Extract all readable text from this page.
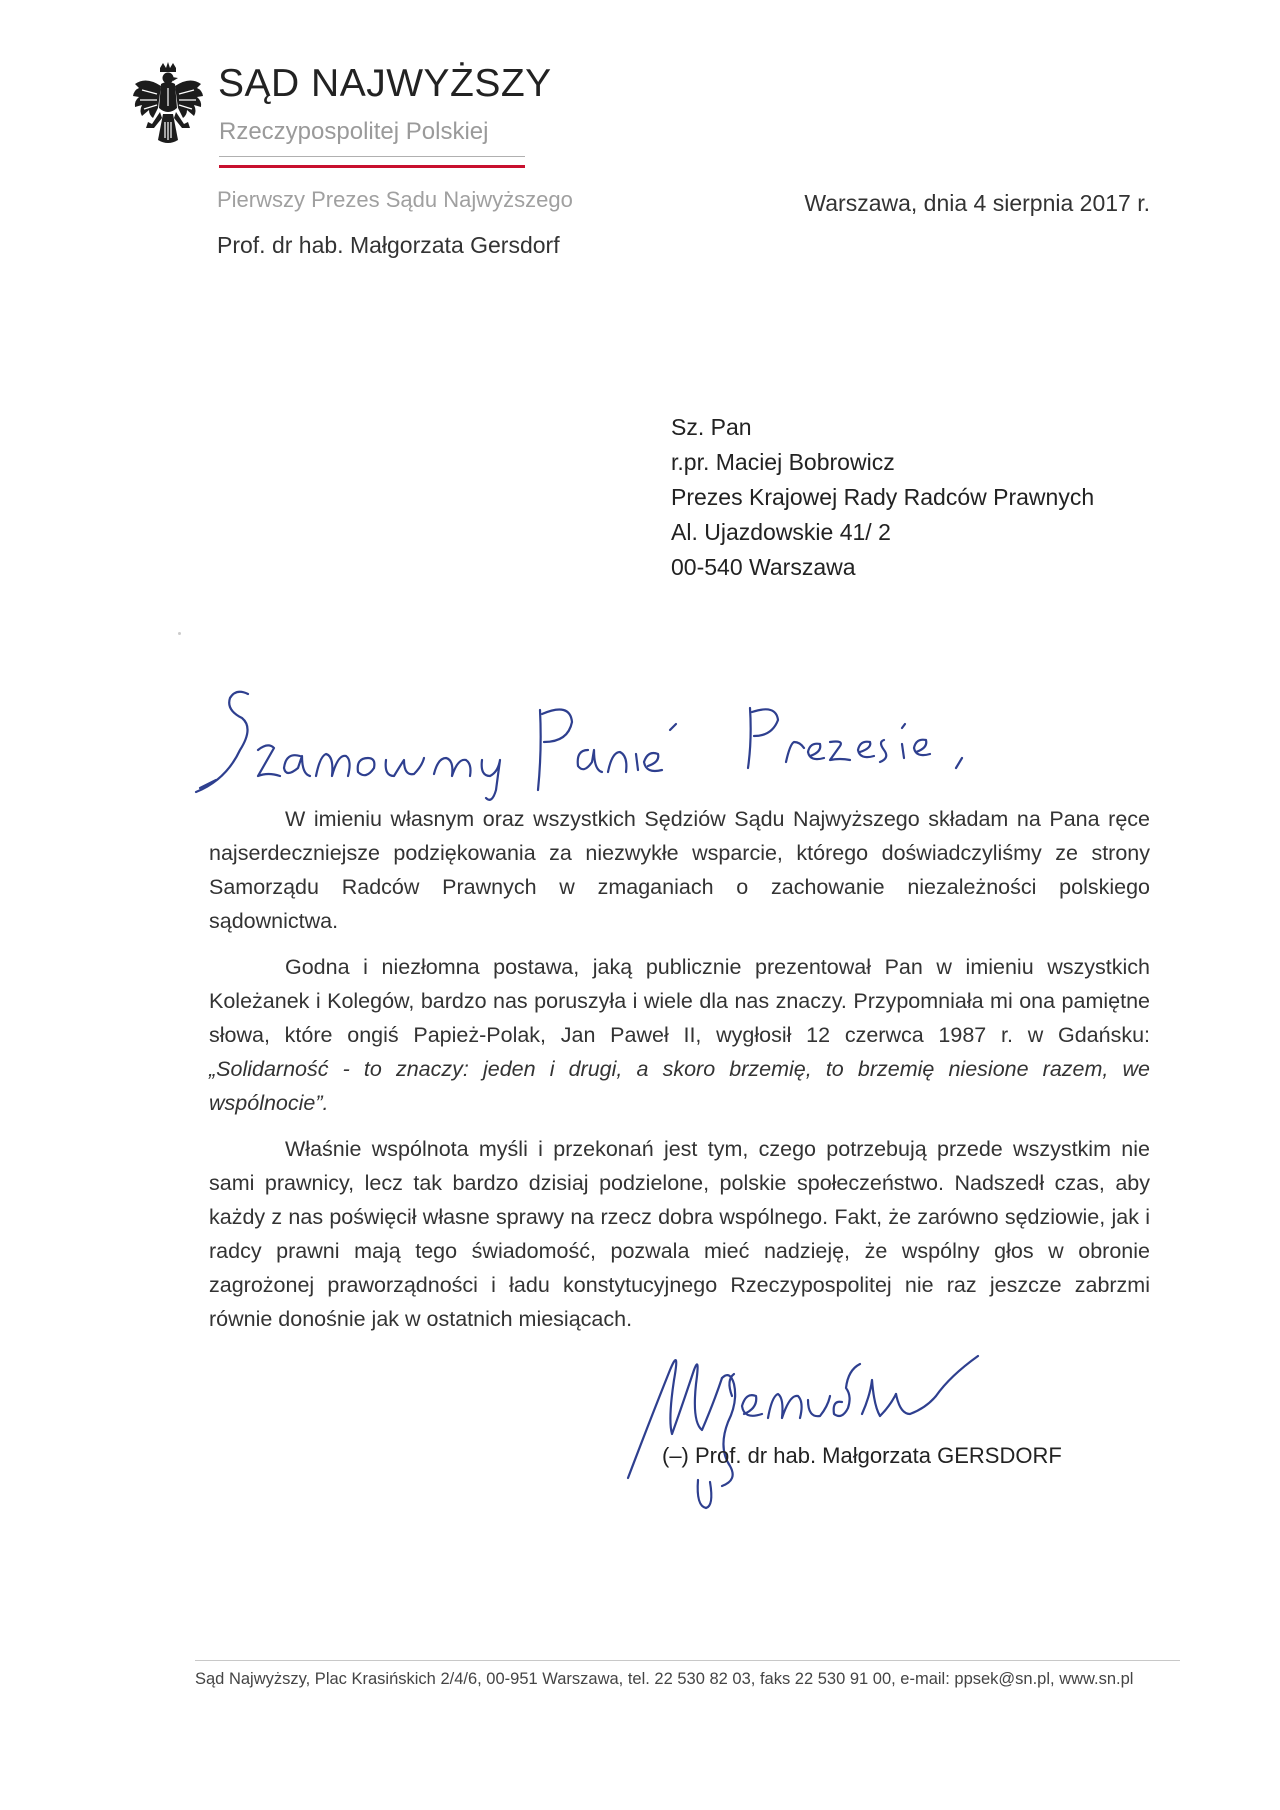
SĄD NAJWYŻSZY
Rzeczypospolitej Polskiej
Pierwszy Prezes Sądu Najwyższego
Prof. dr hab. Małgorzata Gersdorf
Warszawa, dnia 4 sierpnia 2017 r.
Sz. Pan
r.pr. Maciej Bobrowicz
Prezes Krajowej Rady Radców Prawnych
Al. Ujazdowskie 41/ 2
00-540 Warszawa

W imieniu własnym oraz wszystkich Sędziów Sądu Najwyższego składam na Pana ręce najserdeczniejsze podziękowania za niezwykłe wsparcie, którego doświadczyliśmy ze strony Samorządu Radców Prawnych w zmaganiach o zachowanie niezależności polskiego sądownictwa.

Godna i niezłomna postawa, jaką publicznie prezentował Pan w imieniu wszystkich Koleżanek i Kolegów, bardzo nas poruszyła i wiele dla nas znaczy. Przypomniała mi ona pamiętne słowa, które ongiś Papież-Polak, Jan Paweł II, wygłosił 12 czerwca 1987 r. w Gdańsku: „Solidarność - to znaczy: jeden i drugi, a skoro brzemię, to brzemię niesione razem, we wspólnocie”.

Właśnie wspólnota myśli i przekonań jest tym, czego potrzebują przede wszystkim nie sami prawnicy, lecz tak bardzo dzisiaj podzielone, polskie społeczeństwo. Nadszedł czas, aby każdy z nas poświęcił własne sprawy na rzecz dobra wspólnego. Fakt, że zarówno sędziowie, jak i radcy prawni mają tego świadomość, pozwala mieć nadzieję, że wspólny głos w obronie zagrożonej praworządności i ładu konstytucyjnego Rzeczypospolitej nie raz jeszcze zabrzmi równie donośnie jak w ostatnich miesiącach.

(–) Prof. dr hab. Małgorzata GERSDORF
Sąd Najwyższy, Plac Krasińskich 2/4/6, 00-951 Warszawa, tel. 22 530 82 03, faks 22 530 91 00, e-mail: ppsek@sn.pl, www.sn.pl
